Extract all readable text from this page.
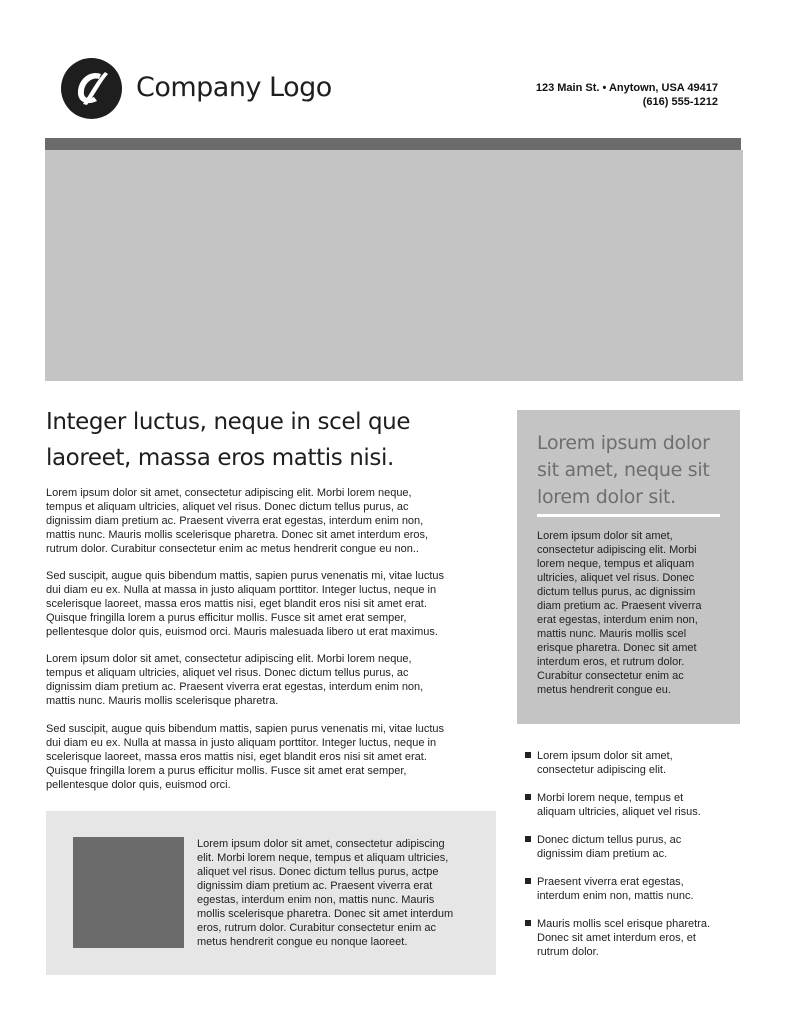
Company Logo	123 Main St. • Anytown, USA 49417
(616) 555-1212
Integer luctus, neque in scel que
laoreet, massa eros mattis nisi.
Lorem ipsum dolor sit amet, consectetur adipiscing elit. Morbi lorem neque,
tempus et aliquam ultricies, aliquet vel risus. Donec dictum tellus purus, ac
dignissim diam pretium ac. Praesent viverra erat egestas, interdum enim non,
mattis nunc. Mauris mollis scelerisque pharetra. Donec sit amet interdum eros,
rutrum dolor. Curabitur consectetur enim ac metus hendrerit congue eu non..
Sed suscipit, augue quis bibendum mattis, sapien purus venenatis mi, vitae luctus
dui diam eu ex. Nulla at massa in justo aliquam porttitor. Integer luctus, neque in
scelerisque laoreet, massa eros mattis nisi, eget blandit eros nisi sit amet erat.
Quisque fringilla lorem a purus efficitur mollis. Fusce sit amet erat semper,
pellentesque dolor quis, euismod orci. Mauris malesuada libero ut erat maximus.
Lorem ipsum dolor sit amet, consectetur adipiscing elit. Morbi lorem neque,
tempus et aliquam ultricies, aliquet vel risus. Donec dictum tellus purus, ac
dignissim diam pretium ac. Praesent viverra erat egestas, interdum enim non,
mattis nunc. Mauris mollis scelerisque pharetra.
Sed suscipit, augue quis bibendum mattis, sapien purus venenatis mi, vitae luctus
dui diam eu ex. Nulla at massa in justo aliquam porttitor. Integer luctus, neque in
scelerisque laoreet, massa eros mattis nisi, eget blandit eros nisi sit amet erat.
Quisque fringilla lorem a purus efficitur mollis. Fusce sit amet erat semper,
pellentesque dolor quis, euismod orci.
Lorem ipsum dolor
sit amet, neque sit
lorem dolor sit.
Lorem ipsum dolor sit amet,
consectetur adipiscing elit. Morbi
lorem neque, tempus et aliquam
ultricies, aliquet vel risus. Donec
dictum tellus purus, ac dignissim
diam pretium ac. Praesent viverra
erat egestas, interdum enim non,
mattis nunc. Mauris mollis scel
erisque pharetra. Donec sit amet
interdum eros, et rutrum dolor.
Curabitur consectetur enim ac
metus hendrerit congue eu.
Lorem ipsum dolor sit amet,
consectetur adipiscing elit.
Morbi lorem neque, tempus et
aliquam ultricies, aliquet vel risus.
Donec dictum tellus purus, ac
dignissim diam pretium ac.
Praesent viverra erat egestas,
interdum enim non, mattis nunc.
Mauris mollis scel erisque pharetra.
Donec sit amet interdum eros, et
rutrum dolor.
Lorem ipsum dolor sit amet, consectetur adipiscing
elit. Morbi lorem neque, tempus et aliquam ultricies,
aliquet vel risus. Donec dictum tellus purus, actpe
dignissim diam pretium ac. Praesent viverra erat
egestas, interdum enim non, mattis nunc. Mauris
mollis scelerisque pharetra. Donec sit amet interdum
eros, rutrum dolor. Curabitur consectetur enim ac
metus hendrerit congue eu nonque laoreet.
